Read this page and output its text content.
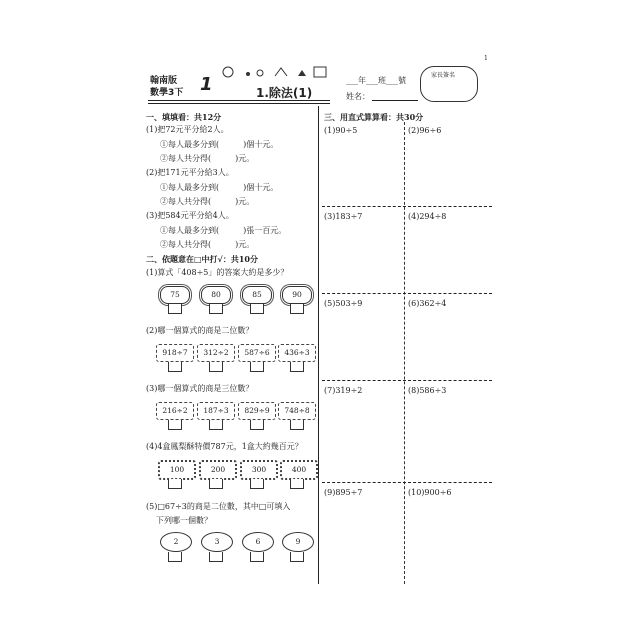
翰南版
數學3下 1	1.除法(1)
___年___班___號
姓名：
家長簽名
1
一、填填看：共12分
(1)把72元平分給2人。
①每人最多分到(　　　)個十元。
②每人共分得(　　　)元。
(2)把171元平分給3人。
①每人最多分到(　　　)個十元。
②每人共分得(　　　)元。
(3)把584元平分給4人。
①每人最多分到(　　　)張一百元。
②每人共分得(　　　)元。
二、依題意在□中打√：共10分
(1)算式「408÷5」的答案大約是多少？
75	80	85	90
(2)哪一個算式的商是二位數？
918÷7	312÷2	587÷6	436÷3
(3)哪一個算式的商是三位數？
216÷2	187÷3	829÷9	748÷8
(4)4盒鳳梨酥特價787元，1盒大約幾百元？
100	200	300	400
(5)□67÷3的商是二位數，其中□可填入
下列哪一個數？
2	3	6	9
三、用直式算算看：共30分
(1)90÷5	(2)96÷6
(3)183÷7	(4)294÷8
(5)503÷9	(6)362÷4
(7)319÷2	(8)586÷3
(9)895÷7	(10)900÷6
